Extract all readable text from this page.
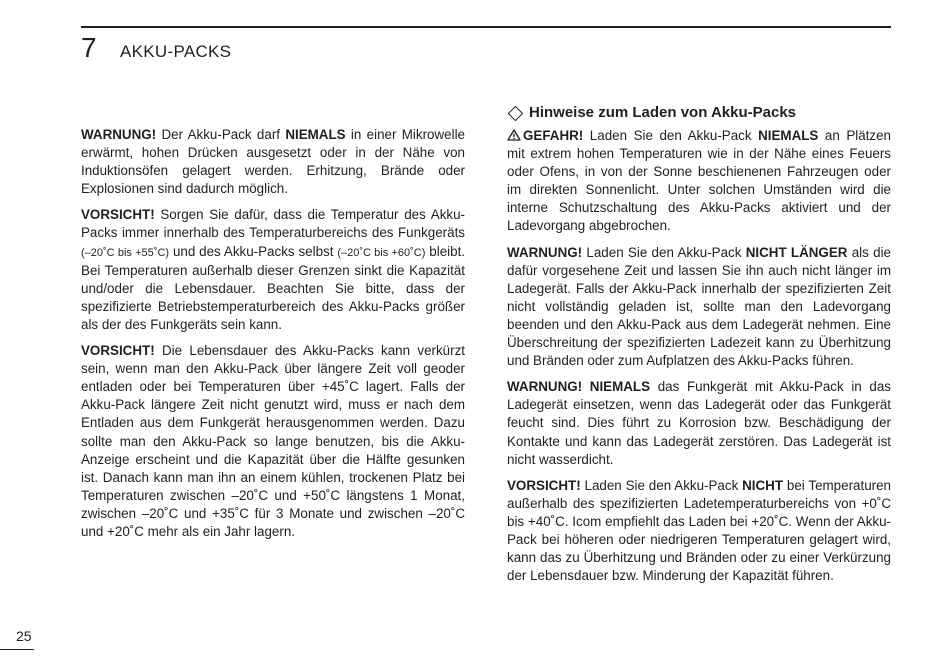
7 AKKU-PACKS

WARNUNG! Der Akku-Pack darf NIEMALS in einer Mikrowelle erwärmt, hohen Drücken ausgesetzt oder in der Nähe von Induktionsöfen gelagert werden. Erhitzung, Brände oder Explosionen sind dadurch möglich.

VORSICHT! Sorgen Sie dafür, dass die Temperatur des Akku-Packs immer innerhalb des Temperaturbereichs des Funkgeräts (–20˚C bis +55˚C) und des Akku-Packs selbst (–20˚C bis +60˚C) bleibt. Bei Temperaturen außerhalb dieser Grenzen sinkt die Kapazität und/oder die Lebensdauer. Beachten Sie bitte, dass der spezifizierte Betriebstemperaturbereich des Akku-Packs größer als der des Funkgeräts sein kann.

VORSICHT! Die Lebensdauer des Akku-Packs kann verkürzt sein, wenn man den Akku-Pack über längere Zeit voll geoder entladen oder bei Temperaturen über +45˚C lagert. Falls der Akku-Pack längere Zeit nicht genutzt wird, muss er nach dem Entladen aus dem Funkgerät herausgenommen werden. Dazu sollte man den Akku-Pack so lange benutzen, bis die Akku-Anzeige erscheint und die Kapazität über die Hälfte gesunken ist. Danach kann man ihn an einem kühlen, trockenen Platz bei Temperaturen zwischen –20˚C und +50˚C längstens 1 Monat, zwischen –20˚C und +35˚C für 3 Monate und zwischen –20˚C und +20˚C mehr als ein Jahr lagern.

Hinweise zum Laden von Akku-Packs

GEFAHR! Laden Sie den Akku-Pack NIEMALS an Plätzen mit extrem hohen Temperaturen wie in der Nähe eines Feuers oder Ofens, in von der Sonne beschienenen Fahrzeugen oder im direkten Sonnenlicht. Unter solchen Umständen wird die interne Schutzschaltung des Akku-Packs aktiviert und der Ladevorgang abgebrochen.

WARNUNG! Laden Sie den Akku-Pack NICHT LÄNGER als die dafür vorgesehene Zeit und lassen Sie ihn auch nicht länger im Ladegerät. Falls der Akku-Pack innerhalb der spezifizierten Zeit nicht vollständig geladen ist, sollte man den Ladevorgang beenden und den Akku-Pack aus dem Ladegerät nehmen. Eine Überschreitung der spezifizierten Ladezeit kann zu Überhitzung und Bränden oder zum Aufplatzen des Akku-Packs führen.

WARNUNG! NIEMALS das Funkgerät mit Akku-Pack in das Ladegerät einsetzen, wenn das Ladegerät oder das Funkgerät feucht sind. Dies führt zu Korrosion bzw. Beschädigung der Kontakte und kann das Ladegerät zerstören. Das Ladegerät ist nicht wasserdicht.

VORSICHT! Laden Sie den Akku-Pack NICHT bei Temperaturen außerhalb des spezifizierten Ladetemperaturbereichs von +0˚C bis +40˚C. Icom empfiehlt das Laden bei +20˚C. Wenn der Akku-Pack bei höheren oder niedrigeren Temperaturen gelagert wird, kann das zu Überhitzung und Bränden oder zu einer Verkürzung der Lebensdauer bzw. Minderung der Kapazität führen.

25
